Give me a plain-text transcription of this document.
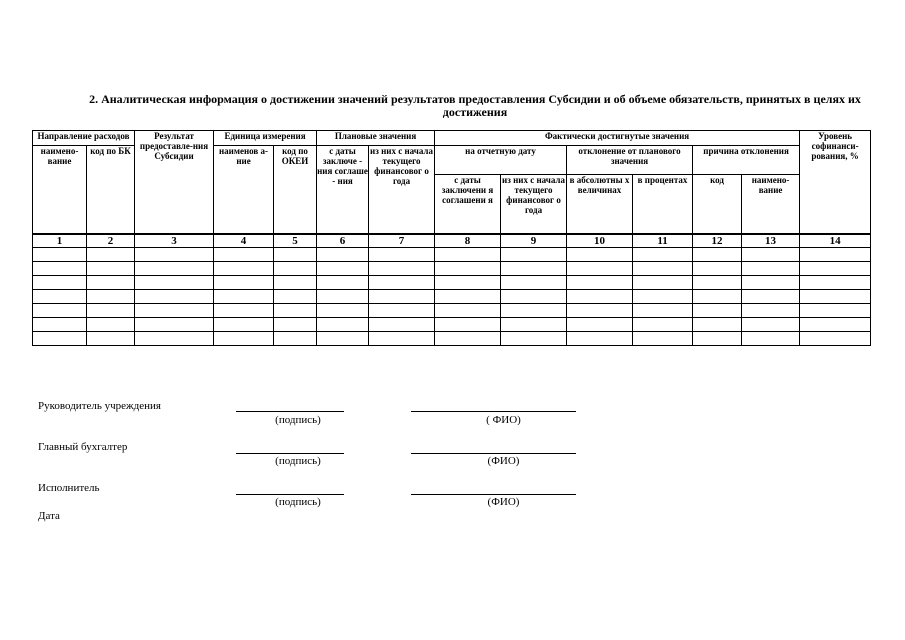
2. Аналитическая информация о достижении значений результатов предоставления Субсидии и об объеме обязательств, принятых в целях их достижения
Направление расходов		Результат предоставле-ния Субсидии	Единица измерения		Плановые значения		Фактически достигнутые значения						Уровень софинанси-рования, %
наимено-вание	код по БК		наименов а-ние	код по ОКЕИ	с даты заключе - ния соглаше - ния	из них с начала текущего финансовог о года	на отчетную дату		отклонение от планового значения		причина отклонения		
							с даты заключени я соглашени я	из них с начала текущего финансовог о года	в абсолютны х величинах	в процентах	код	наимено-вание	
1	2	3	4	5	6	7	8	9	10	11	12	13	14

Руководитель учреждения
(подпись)	( ФИО)
Главный бухгалтер
(подпись)	(ФИО)
Исполнитель
(подпись)	(ФИО)
Дата
